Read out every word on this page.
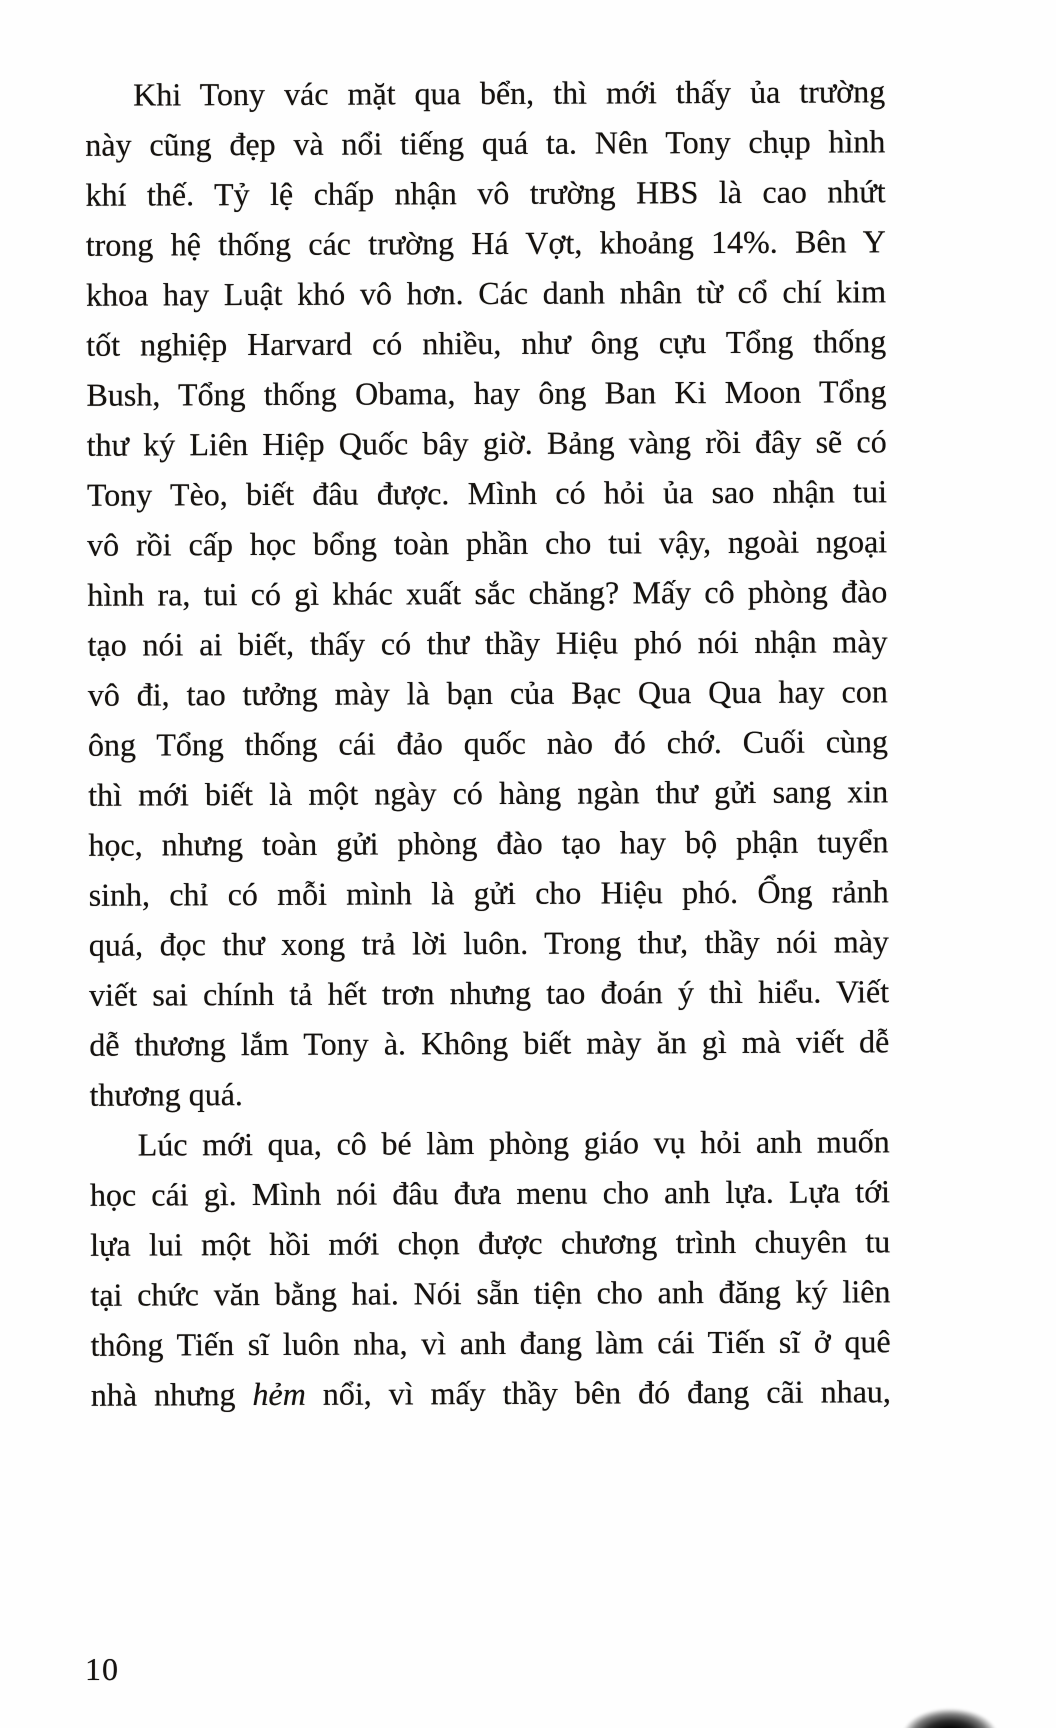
Khi Tony vác mặt qua bển, thì mới thấy ủa trường
này cũng đẹp và nổi tiếng quá ta. Nên Tony chụp hình
khí thế. Tỷ lệ chấp nhận vô trường HBS là cao nhứt
trong hệ thống các trường Há Vợt, khoảng 14%. Bên Y
khoa hay Luật khó vô hơn. Các danh nhân từ cổ chí kim
tốt nghiệp Harvard có nhiều, như ông cựu Tổng thống
Bush, Tổng thống Obama, hay ông Ban Ki Moon Tổng
thư ký Liên Hiệp Quốc bây giờ. Bảng vàng rồi đây sẽ có
Tony Tèo, biết đâu được. Mình có hỏi ủa sao nhận tui
vô rồi cấp học bổng toàn phần cho tui vậy, ngoài ngoại
hình ra, tui có gì khác xuất sắc chăng? Mấy cô phòng đào
tạo nói ai biết, thấy có thư thầy Hiệu phó nói nhận mày
vô đi, tao tưởng mày là bạn của Bạc Qua Qua hay con
ông Tổng thống cái đảo quốc nào đó chớ. Cuối cùng
thì mới biết là một ngày có hàng ngàn thư gửi sang xin
học, nhưng toàn gửi phòng đào tạo hay bộ phận tuyển
sinh, chỉ có mỗi mình là gửi cho Hiệu phó. Ổng rảnh
quá, đọc thư xong trả lời luôn. Trong thư, thầy nói mày
viết sai chính tả hết trơn nhưng tao đoán ý thì hiểu. Viết
dễ thương lắm Tony à. Không biết mày ăn gì mà viết dễ
thương quá.
Lúc mới qua, cô bé làm phòng giáo vụ hỏi anh muốn
học cái gì. Mình nói đâu đưa menu cho anh lựa. Lựa tới
lựa lui một hồi mới chọn được chương trình chuyên tu
tại chức văn bằng hai. Nói sẵn tiện cho anh đăng ký liên
thông Tiến sĩ luôn nha, vì anh đang làm cái Tiến sĩ ở quê
nhà nhưng hẻm nổi, vì mấy thầy bên đó đang cãi nhau,
10
